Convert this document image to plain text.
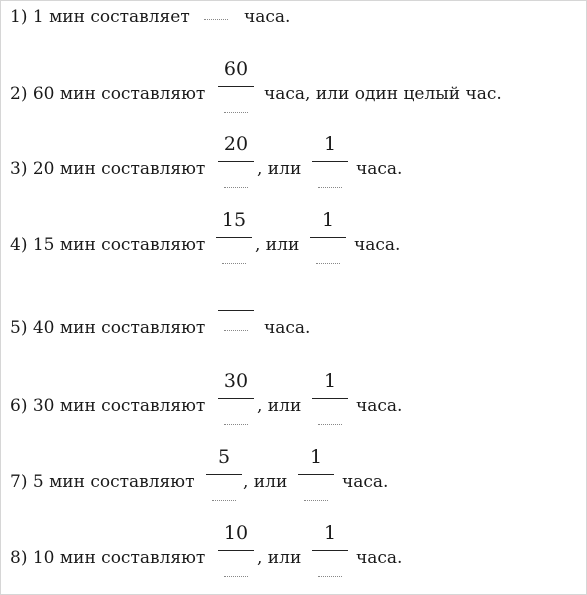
1) 1 мин составляет	часа.
2) 60 мин составляют
60
часа, или один целый час.
3) 20 мин составляют
20
, или
1
часа.
4) 15 мин составляют
15
, или
1
часа.
5) 40 мин составляют	часа.
6) 30 мин составляют
30
, или
1
часа.
7) 5 мин составляют
5
, или
1
часа.
8) 10 мин составляют
10
, или
1
часа.
